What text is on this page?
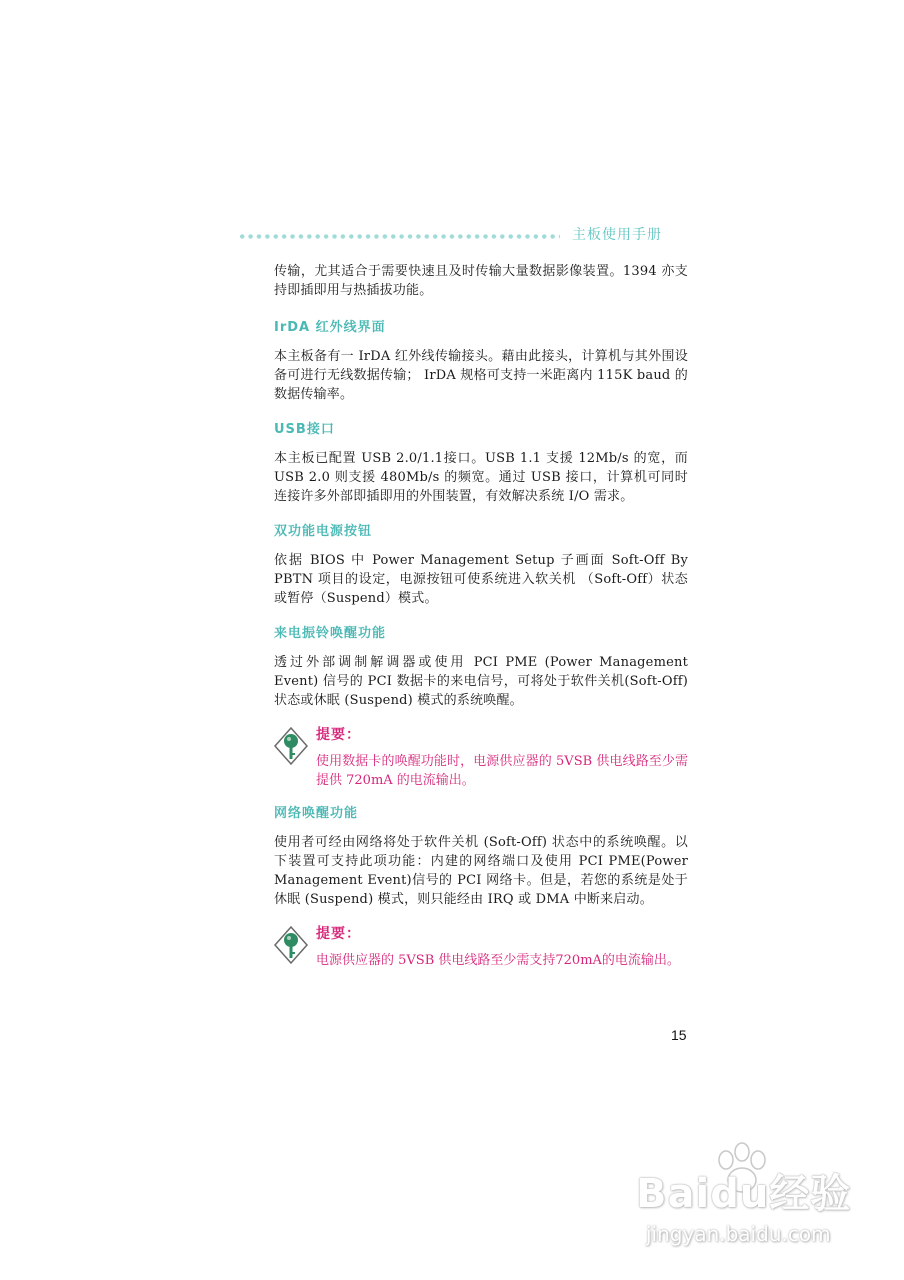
主板使用手册

传输，尤其适合于需要快速且及时传输大量数据影像装置。1394 亦支持即插即用与热插拔功能。

IrDA 红外线界面

本主板备有一 IrDA 红外线传输接头。藉由此接头，计算机与其外围设备可进行无线数据传输； IrDA 规格可支持一米距离内 115K baud 的数据传输率。

USB接口

本主板已配置 USB 2.0/1.1接口。USB 1.1 支援 12Mb/s 的宽，而 USB 2.0 则支援 480Mb/s 的频宽。通过 USB 接口，计算机可同时连接许多外部即插即用的外围装置，有效解决系统 I/O 需求。

双功能电源按钮

依据 BIOS 中 Power Management Setup 子画面 Soft-Off By PBTN 项目的设定，电源按钮可使系统进入软关机 （Soft-Off）状态或暂停（Suspend）模式。

来电振铃唤醒功能

透过外部调制解调器或使用 PCI PME (Power Management Event) 信号的 PCI 数据卡的来电信号，可将处于软件关机(Soft-Off) 状态或休眠 (Suspend) 模式的系统唤醒。

提要：

使用数据卡的唤醒功能时，电源供应器的 5VSB 供电线路至少需提供 720mA 的电流输出。

网络唤醒功能

使用者可经由网络将处于软件关机 (Soft-Off) 状态中的系统唤醒。以下装置可支持此项功能：内建的网络端口及使用 PCI PME(Power Management Event)信号的 PCI 网络卡。但是，若您的系统是处于休眠 (Suspend) 模式，则只能经由 IRQ 或 DMA 中断来启动。

提要：

电源供应器的 5VSB 供电线路至少需支持720mA的电流输出。

15
Baidu经验
jingyan.baidu.com
